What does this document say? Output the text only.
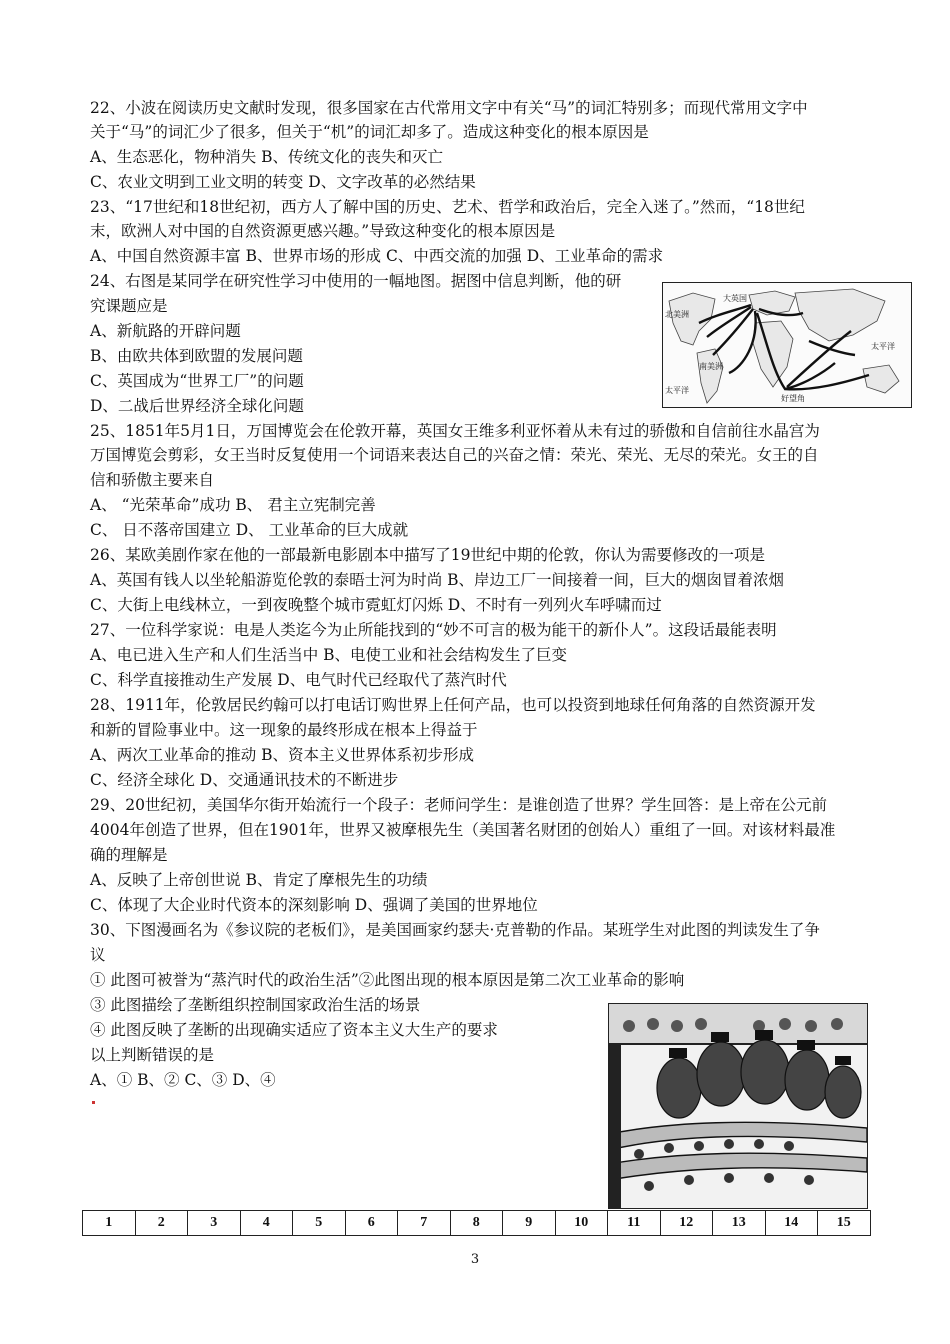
22、小波在阅读历史文献时发现，很多国家在古代常用文字中有关“马”的词汇特别多；而现代常用文字中
关于“马”的词汇少了很多，但关于“机”的词汇却多了。造成这种变化的根本原因是
A、生态恶化，物种消失 B、传统文化的丧失和灭亡
C、农业文明到工业文明的转变 D、文字改革的必然结果
23、“17世纪和18世纪初，西方人了解中国的历史、艺术、哲学和政治后，完全入迷了。”然而，“18世纪
末，欧洲人对中国的自然资源更感兴趣。”导致这种变化的根本原因是
A、中国自然资源丰富 B、世界市场的形成 C、中西交流的加强 D、工业革命的需求
24、右图是某同学在研究性学习中使用的一幅地图。据图中信息判断，他的研
究课题应是
A、新航路的开辟问题
B、由欧共体到欧盟的发展问题
C、英国成为“世界工厂”的问题
D、二战后世界经济全球化问题
25、1851年5月1日，万国博览会在伦敦开幕，英国女王维多利亚怀着从未有过的骄傲和自信前往水晶宫为
万国博览会剪彩，女王当时反复使用一个词语来表达自己的兴奋之情：荣光、荣光、无尽的荣光。女王的自
信和骄傲主要来自
A、 “光荣革命”成功 B、 君主立宪制完善
C、 日不落帝国建立 D、 工业革命的巨大成就
26、某欧美剧作家在他的一部最新电影剧本中描写了19世纪中期的伦敦，你认为需要修改的一项是
A、英国有钱人以坐轮船游览伦敦的泰晤士河为时尚 B、岸边工厂一间接着一间，巨大的烟囱冒着浓烟
C、大街上电线林立，一到夜晚整个城市霓虹灯闪烁 D、不时有一列列火车呼啸而过
27、一位科学家说：电是人类迄今为止所能找到的“妙不可言的极为能干的新仆人”。这段话最能表明
A、电已进入生产和人们生活当中 B、电使工业和社会结构发生了巨变
C、科学直接推动生产发展 D、电气时代已经取代了蒸汽时代
28、1911年，伦敦居民约翰可以打电话订购世界上任何产品，也可以投资到地球任何角落的自然资源开发
和新的冒险事业中。这一现象的最终形成在根本上得益于
A、两次工业革命的推动 B、资本主义世界体系初步形成
C、经济全球化 D、交通通讯技术的不断进步
29、20世纪初，美国华尔街开始流行一个段子：老师问学生：是谁创造了世界？学生回答：是上帝在公元前
4004年创造了世界，但在1901年，世界又被摩根先生（美国著名财团的创始人）重组了一回。对该材料最准
确的理解是
A、反映了上帝创世说 B、肯定了摩根先生的功绩
C、体现了大企业时代资本的深刻影响 D、强调了美国的世界地位
30、下图漫画名为《参议院的老板们》，是美国画家约瑟夫·克普勒的作品。某班学生对此图的判读发生了争
议
① 此图可被誉为“蒸汽时代的政治生活”②此图出现的根本原因是第二次工业革命的影响
③ 此图描绘了垄断组织控制国家政治生活的场景
④ 此图反映了垄断的出现确实适应了资本主义大生产的要求
以上判断错误的是
A、① B、② C、③ D、④
大英国
北美洲
南美洲
太平洋
太平洋
好望角
1	2	3	4	5	6	7	8	9	10	11	12	13	14	15
3
